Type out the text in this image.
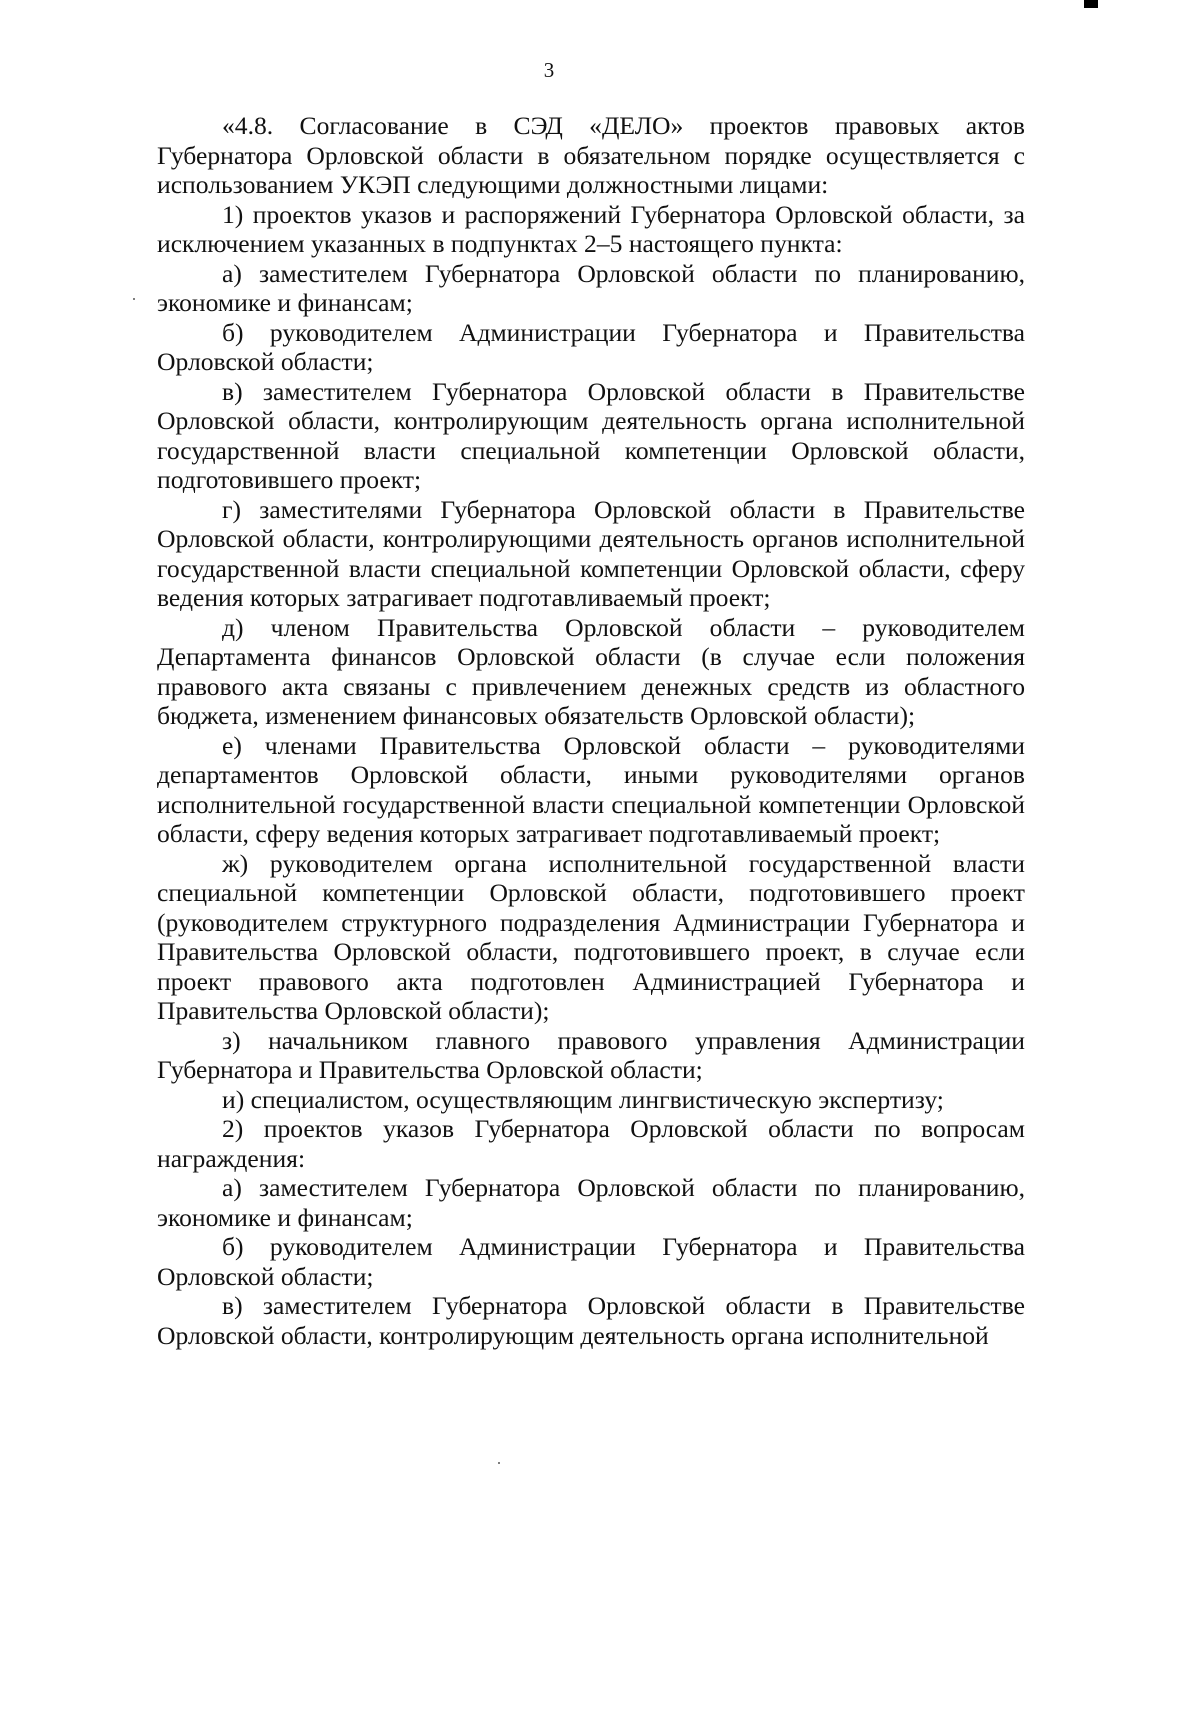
3

«4.8. Согласование в СЭД «ДЕЛО» проектов правовых актов Губернатора Орловской области в обязательном порядке осуществляется с использованием УКЭП следующими должностными лицами:

1) проектов указов и распоряжений Губернатора Орловской области, за исключением указанных в подпунктах 2–5 настоящего пункта:

а) заместителем Губернатора Орловской области по планированию, экономике и финансам;

б) руководителем Администрации Губернатора и Правительства Орловской области;

в) заместителем Губернатора Орловской области в Правительстве Орловской области, контролирующим деятельность органа исполнительной государственной власти специальной компетенции Орловской области, подготовившего проект;

г) заместителями Губернатора Орловской области в Правительстве Орловской области, контролирующими деятельность органов исполнительной государственной власти специальной компетенции Орловской области, сферу ведения которых затрагивает подготавливаемый проект;

д) членом Правительства Орловской области – руководителем Департамента финансов Орловской области (в случае если положения правового акта связаны с привлечением денежных средств из областного бюджета, изменением финансовых обязательств Орловской области);

е) членами Правительства Орловской области – руководителями департаментов Орловской области, иными руководителями органов исполнительной государственной власти специальной компетенции Орловской области, сферу ведения которых затрагивает подготавливаемый проект;

ж) руководителем органа исполнительной государственной власти специальной компетенции Орловской области, подготовившего проект (руководителем структурного подразделения Администрации Губернатора и Правительства Орловской области, подготовившего проект, в случае если проект правового акта подготовлен Администрацией Губернатора и Правительства Орловской области);

з) начальником главного правового управления Администрации Губернатора и Правительства Орловской области;

и) специалистом, осуществляющим лингвистическую экспертизу;

2) проектов указов Губернатора Орловской области по вопросам награждения:

а) заместителем Губернатора Орловской области по планированию, экономике и финансам;

б) руководителем Администрации Губернатора и Правительства Орловской области;

в) заместителем Губернатора Орловской области в Правительстве Орловской области, контролирующим деятельность органа исполнительной
